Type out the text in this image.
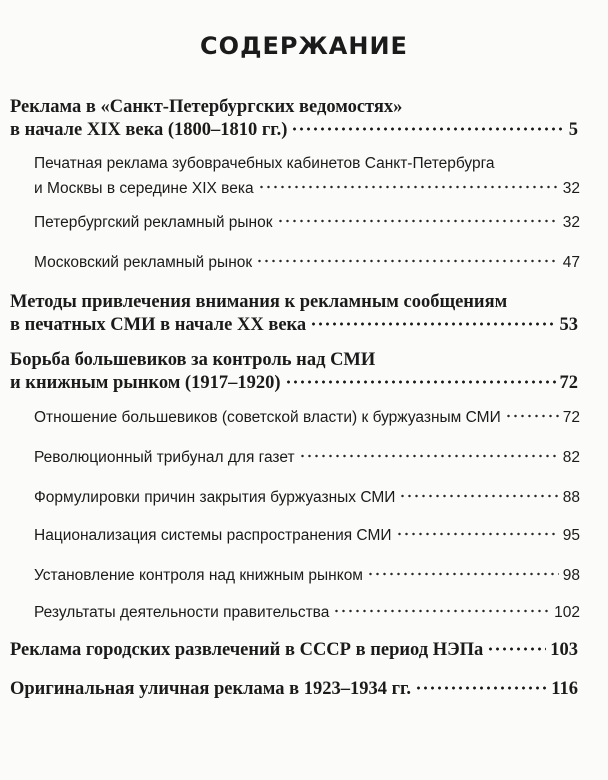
СОДЕРЖАНИЕ
Реклама в «Санкт-Петербургских ведомостях»
в начале XIX века (1800–1810 гг.)	5
Печатная реклама зубоврачебных кабинетов Санкт-Петербурга
и Москвы в середине XIX века	32
Петербургский рекламный рынок	32
Московский рекламный рынок	47
Методы привлечения внимания к рекламным сообщениям
в печатных СМИ в начале XX века	53
Борьба большевиков за контроль над СМИ
и книжным рынком (1917–1920)	72
Отношение большевиков (советской власти) к буржуазным СМИ	72
Революционный трибунал для газет	82
Формулировки причин закрытия буржуазных СМИ	88
Национализация системы распространения СМИ	95
Установление контроля над книжным рынком	98
Результаты деятельности правительства	102
Реклама городских развлечений в СССР в период НЭПа	103
Оригинальная уличная реклама в 1923–1934 гг.	116
